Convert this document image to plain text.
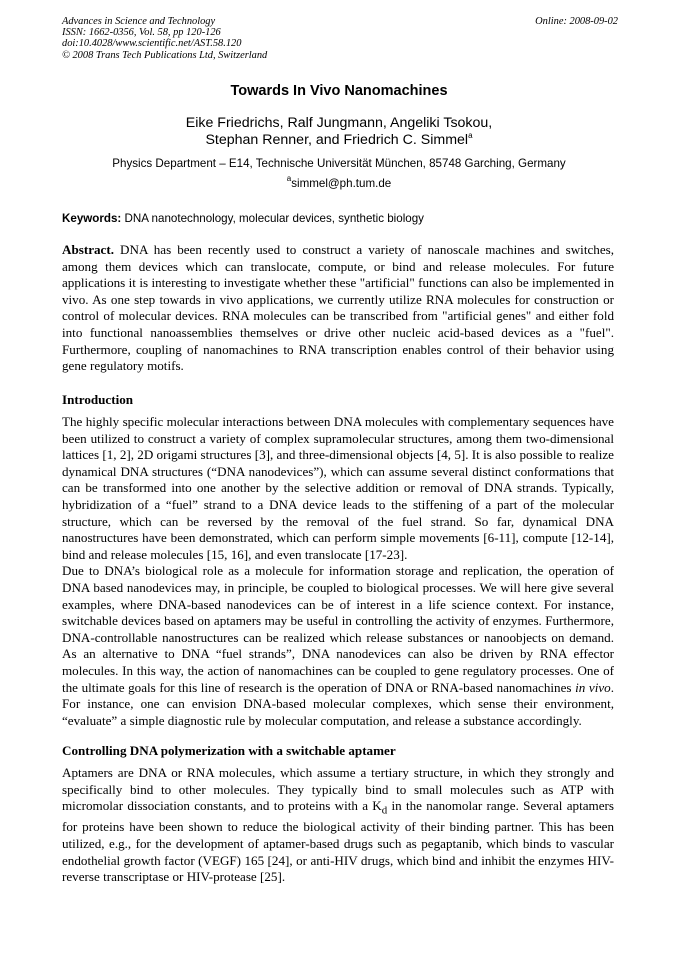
Advances in Science and Technology
ISSN: 1662-0356, Vol. 58, pp 120-126
doi:10.4028/www.scientific.net/AST.58.120
© 2008 Trans Tech Publications Ltd, Switzerland
Online: 2008-09-02
Towards In Vivo Nanomachines
Eike Friedrichs, Ralf Jungmann, Angeliki Tsokou,
Stephan Renner, and Friedrich C. Simmel$^a$
Physics Department – E14, Technische Universität München, 85748 Garching, Germany
$^a$simmel@ph.tum.de
Keywords: DNA nanotechnology, molecular devices, synthetic biology

Abstract. DNA has been recently used to construct a variety of nanoscale machines and switches, among them devices which can translocate, compute, or bind and release molecules. For future applications it is interesting to investigate whether these "artificial" functions can also be implemented in vivo. As one step towards in vivo applications, we currently utilize RNA molecules for construction or control of molecular devices. RNA molecules can be transcribed from "artificial genes" and either fold into functional nanoassemblies themselves or drive other nucleic acid-based devices as a "fuel". Furthermore, coupling of nanomachines to RNA transcription enables control of their behavior using gene regulatory motifs.

Introduction

The highly specific molecular interactions between DNA molecules with complementary sequences have been utilized to construct a variety of complex supramolecular structures, among them two-dimensional lattices [1, 2], 2D origami structures [3], and three-dimensional objects [4, 5]. It is also possible to realize dynamical DNA structures (“DNA nanodevices”), which can assume several distinct conformations that can be transformed into one another by the selective addition or removal of DNA strands. Typically, hybridization of a “fuel” strand to a DNA device leads to the stiffening of a part of the molecular structure, which can be reversed by the removal of the fuel strand. So far, dynamical DNA nanostructures have been demonstrated, which can perform simple movements [6-11], compute [12-14], bind and release molecules [15, 16], and even translocate [17-23].

Due to DNA’s biological role as a molecule for information storage and replication, the operation of DNA based nanodevices may, in principle, be coupled to biological processes. We will here give several examples, where DNA-based nanodevices can be of interest in a life science context. For instance, switchable devices based on aptamers may be useful in controlling the activity of enzymes. Furthermore, DNA-controllable nanostructures can be realized which release substances or nanoobjects on demand. As an alternative to DNA “fuel strands”, DNA nanodevices can also be driven by RNA effector molecules. In this way, the action of nanomachines can be coupled to gene regulatory processes. One of the ultimate goals for this line of research is the operation of DNA or RNA-based nanomachines in vivo. For instance, one can envision DNA-based molecular complexes, which sense their environment, “evaluate” a simple diagnostic rule by molecular computation, and release a substance accordingly.

Controlling DNA polymerization with a switchable aptamer

Aptamers are DNA or RNA molecules, which assume a tertiary structure, in which they strongly and specifically bind to other molecules. They typically bind to small molecules such as ATP with micromolar dissociation constants, and to proteins with a $K_d$ in the nanomolar range. Several aptamers for proteins have been shown to reduce the biological activity of their binding partner. This has been utilized, e.g., for the development of aptamer-based drugs such as pegaptanib, which binds to vascular endothelial growth factor (VEGF) 165 [24], or anti-HIV drugs, which bind and inhibit the enzymes HIV-reverse transcriptase or HIV-protease [25].
